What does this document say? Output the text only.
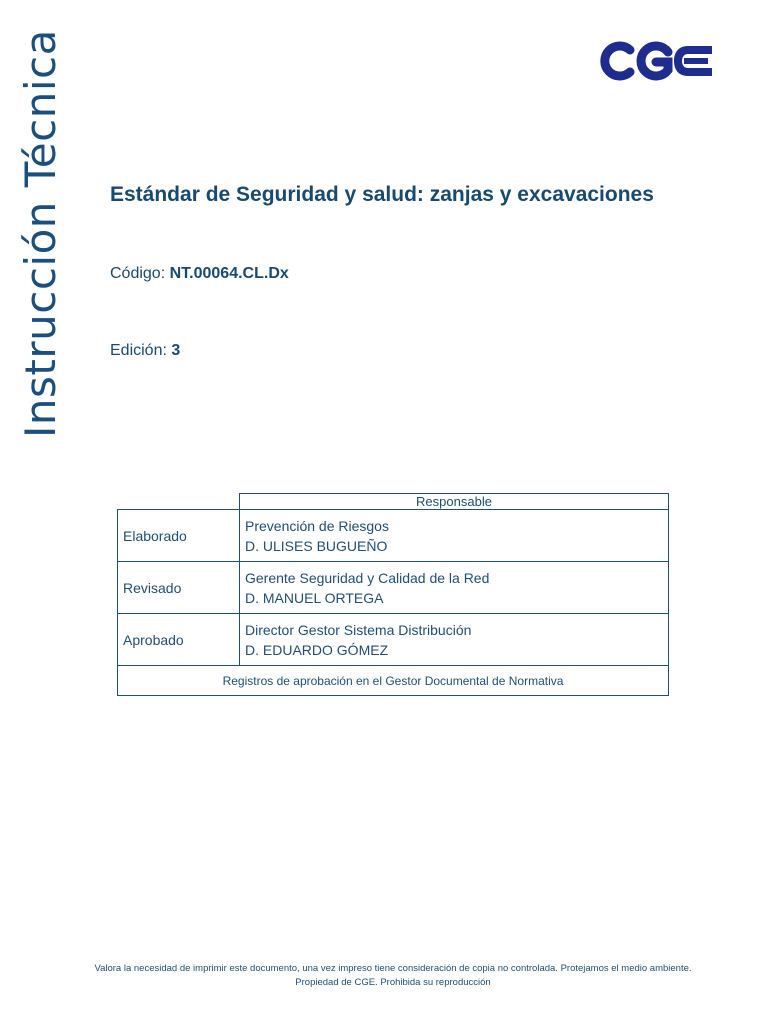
Instrucción Técnica Estándar de Seguridad y salud: zanjas y excavaciones
Código: NT.00064.CL.Dx
Edición: 3
	Responsable
Elaborado	Prevención de Riesgos
D. ULISES BUGUEÑO

Revisado	Gerente Seguridad y Calidad de la Red
D. MANUEL ORTEGA

Aprobado	Director Gestor Sistema Distribución
D. EDUARDO GÓMEZ

Registros de aprobación en el Gestor Documental de Normativa	
Valora la necesidad de imprimir este documento, una vez impreso tiene consideración de copia no controlada. Protejamos el medio ambiente.
Propiedad de CGE. Prohibida su reproducción
